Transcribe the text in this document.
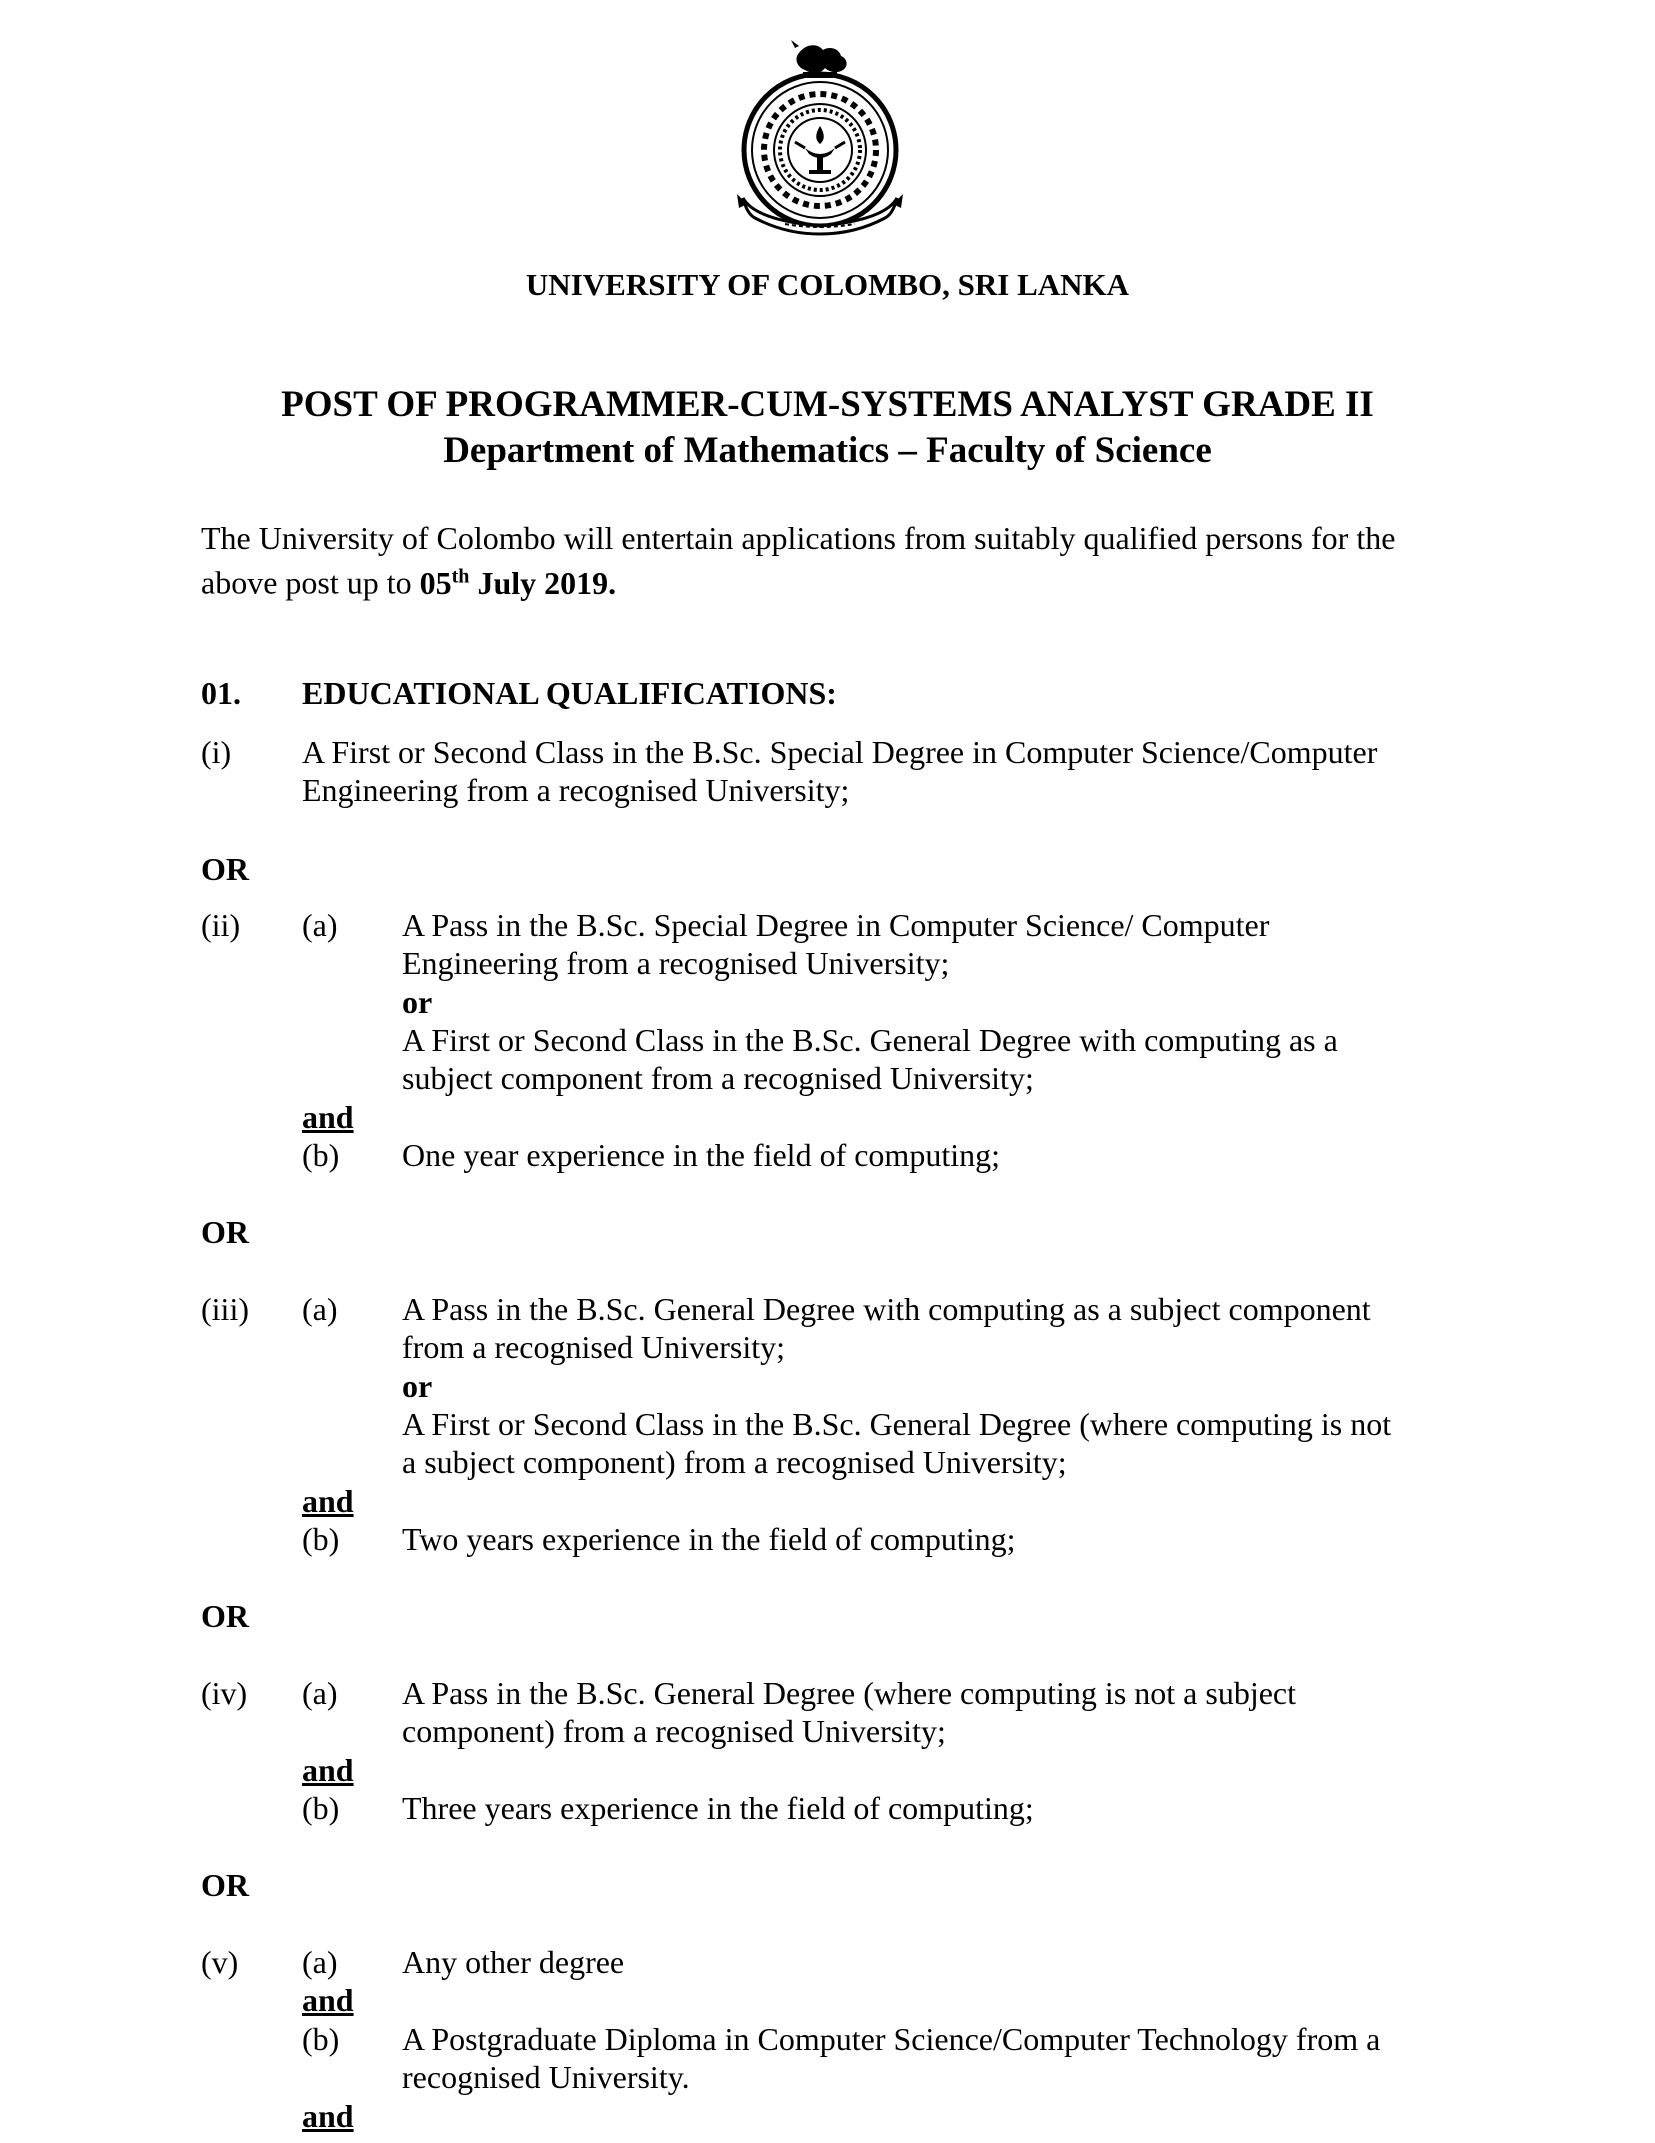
UNIVERSITY OF COLOMBO, SRI LANKA
POST OF PROGRAMMER-CUM-SYSTEMS ANALYST GRADE II
Department of Mathematics – Faculty of Science
The University of Colombo will entertain applications from suitably qualified persons for the
above post up to 05th July 2019.
01. EDUCATIONAL QUALIFICATIONS:
(i) A First or Second Class in the B.Sc. Special Degree in Computer Science/Computer
Engineering from a recognised University;
OR
(ii) (a) A Pass in the B.Sc. Special Degree in Computer Science/ Computer
Engineering from a recognised University;
or
A First or Second Class in the B.Sc. General Degree with computing as a
subject component from a recognised University;
and
(b) One year experience in the field of computing;
OR
(iii) (a) A Pass in the B.Sc. General Degree with computing as a subject component
from a recognised University;
or
A First or Second Class in the B.Sc. General Degree (where computing is not
a subject component) from a recognised University;
and
(b) Two years experience in the field of computing;
OR
(iv) (a) A Pass in the B.Sc. General Degree (where computing is not a subject
component) from a recognised University;
and
(b) Three years experience in the field of computing;
OR
(v) (a) Any other degree
and
(b) A Postgraduate Diploma in Computer Science/Computer Technology from a
recognised University.
and
